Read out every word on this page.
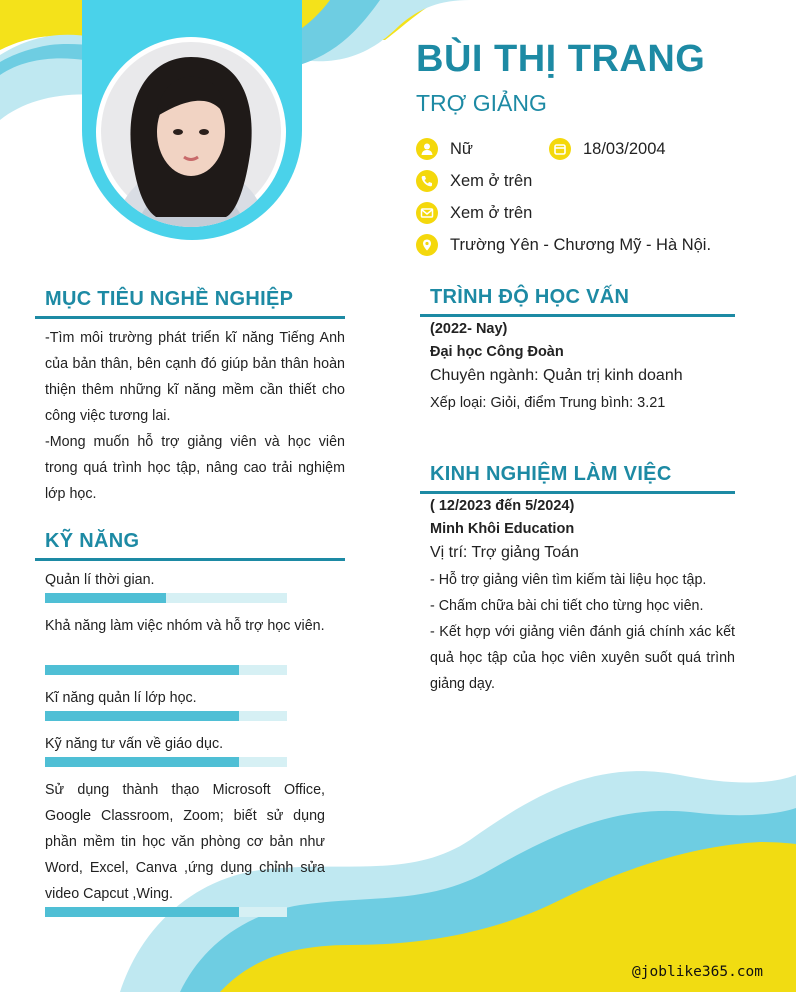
BÙI THỊ TRANG
TRỢ GIẢNG
Nữ	18/03/2004
Xem ở trên
Xem ở trên
Trường Yên - Chương Mỹ - Hà Nội.
MỤC TIÊU NGHỀ NGHIỆP
-Tìm môi trường phát triển kĩ năng Tiếng Anh của bản thân, bên cạnh đó giúp bản thân hoàn thiện thêm những kĩ năng mềm cần thiết cho công việc tương lai.
-Mong muốn hỗ trợ giảng viên và học viên trong quá trình học tập, nâng cao trải nghiệm lớp học.
KỸ NĂNG
Quản lí thời gian.
Khả năng làm việc nhóm và hỗ trợ học viên.
Kĩ năng quản lí lớp học.
Kỹ năng tư vấn về giáo dục.
Sử dụng thành thạo Microsoft Office, Google Classroom, Zoom; biết sử dụng phần mềm tin học văn phòng cơ bản như Word, Excel, Canva ,ứng dụng chỉnh sửa video Capcut ,Wing.
TRÌNH ĐỘ HỌC VẤN
(2022- Nay)
Đại học Công Đoàn
Chuyên ngành: Quản trị kinh doanh
Xếp loại: Giỏi, điểm Trung bình: 3.21
KINH NGHIỆM LÀM VIỆC
( 12/2023 đến 5/2024)
Minh Khôi Education
Vị trí: Trợ giảng Toán
- Hỗ trợ giảng viên tìm kiếm tài liệu học tập.
- Chấm chữa bài chi tiết cho từng học viên.
- Kết hợp với giảng viên đánh giá chính xác kết quả học tập của học viên xuyên suốt quá trình giảng dạy.
@joblike365.com
